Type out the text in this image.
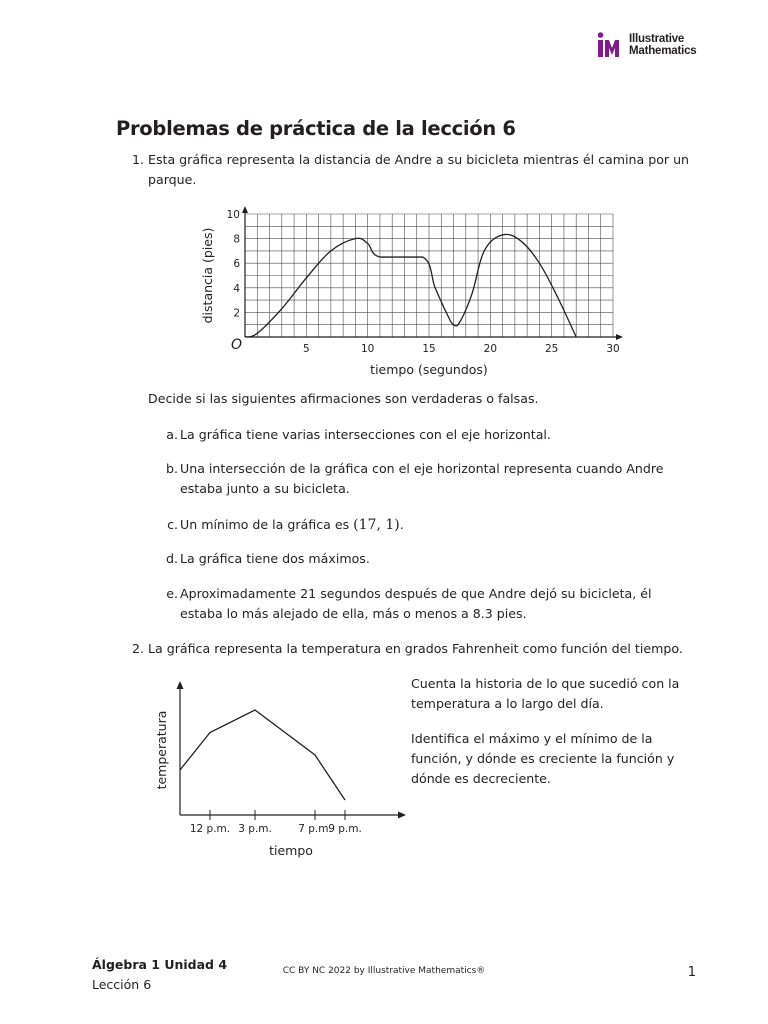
Illustrative
Mathematics
Problemas de práctica de la lección 6
1. Esta gráfica representa la distancia de Andre a su bicicleta mientras él camina por un
parque.
5	10	15	20	25	30
2
4
6
8
10
O
tiempo (segundos)
distancia (pies)
Decide si las siguientes afirmaciones son verdaderas o falsas.
a. La gráfica tiene varias intersecciones con el eje horizontal.
b. Una intersección de la gráfica con el eje horizontal representa cuando Andre
estaba junto a su bicicleta.
c. Un mínimo de la gráfica es (17, 1).
d. La gráfica tiene dos máximos.
e. Aproximadamente 21 segundos después de que Andre dejó su bicicleta, él
estaba lo más alejado de ella, más o menos a 8.3 pies.
2. La gráfica representa la temperatura en grados Fahrenheit como función del tiempo.
12 p.m. 3 p.m.	7 p.m.
9 p.m.
tiempo
temperatura
Cuenta la historia de lo que sucedió con la
temperatura a lo largo del día.
Identifica el máximo y el mínimo de la
función, y dónde es creciente la función y
dónde es decreciente.
Álgebra 1 Unidad 4
Lección 6
CC BY NC 2022 by Illustrative Mathematics®	1
